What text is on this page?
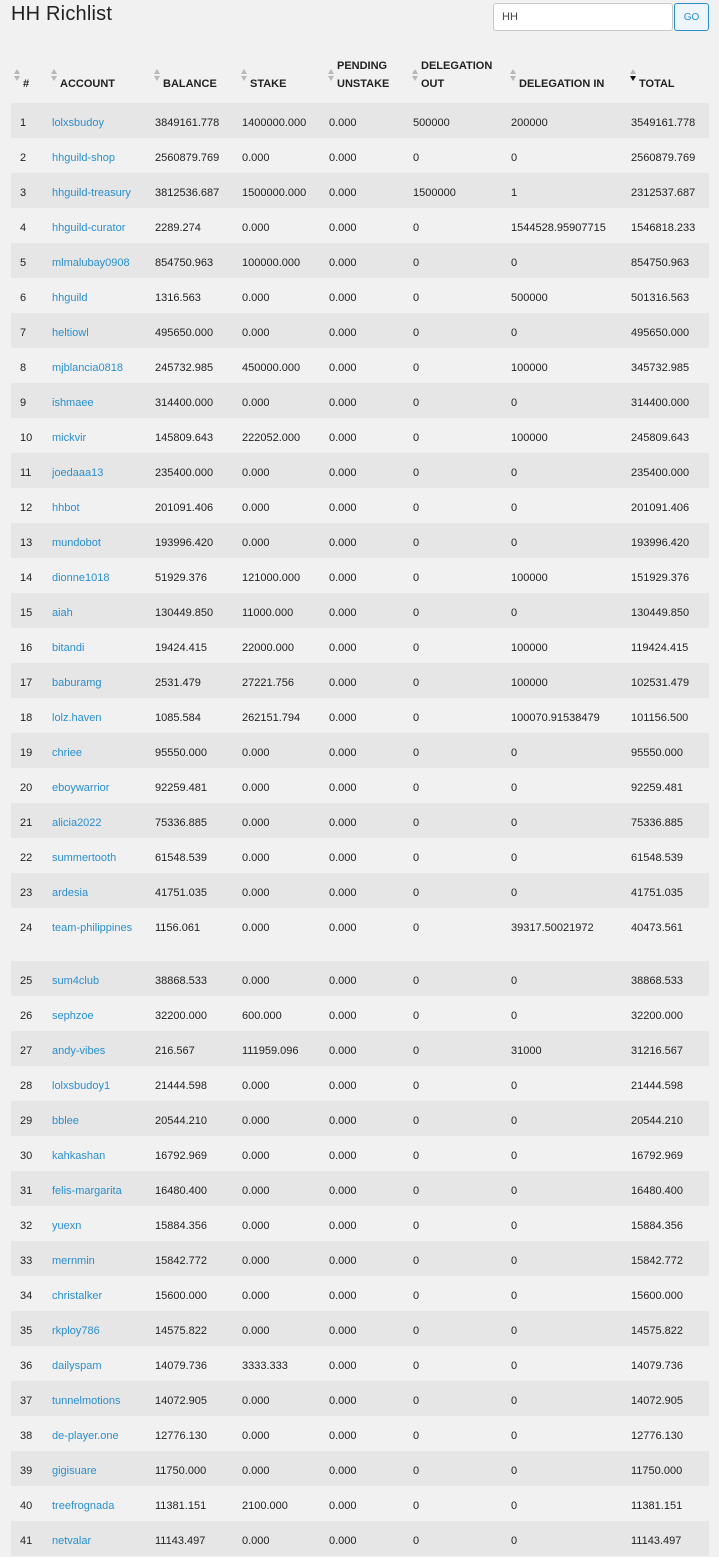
HH Richlist
HH	GO
#	ACCOUNT	BALANCE	STAKE	PENDING UNSTAKE	DELEGATION OUT	DELEGATION IN	TOTAL

1	lolxsbudoy	3849161.778	1400000.000	0.000	500000	200000	3549161.778
2	hhguild-shop	2560879.769	0.000	0.000	0	0	2560879.769
3	hhguild-treasury	3812536.687	1500000.000	0.000	1500000	1	2312537.687
4	hhguild-curator	2289.274	0.000	0.000	0	1544528.95907715	1546818.233
5	mlmalubay0908	854750.963	100000.000	0.000	0	0	854750.963
6	hhguild	1316.563	0.000	0.000	0	500000	501316.563
7	heltiowl	495650.000	0.000	0.000	0	0	495650.000
8	mjblancia0818	245732.985	450000.000	0.000	0	100000	345732.985
9	ishmaee	314400.000	0.000	0.000	0	0	314400.000
10	mickvir	145809.643	222052.000	0.000	0	100000	245809.643
11	joedaaa13	235400.000	0.000	0.000	0	0	235400.000
12	hhbot	201091.406	0.000	0.000	0	0	201091.406
13	mundobot	193996.420	0.000	0.000	0	0	193996.420
14	dionne1018	51929.376	121000.000	0.000	0	100000	151929.376
15	aiah	130449.850	11000.000	0.000	0	0	130449.850
16	bitandi	19424.415	22000.000	0.000	0	100000	119424.415
17	baburamg	2531.479	27221.756	0.000	0	100000	102531.479
18	lolz.haven	1085.584	262151.794	0.000	0	100070.91538479	101156.500
19	chriee	95550.000	0.000	0.000	0	0	95550.000
20	eboywarrior	92259.481	0.000	0.000	0	0	92259.481
21	alicia2022	75336.885	0.000	0.000	0	0	75336.885
22	summertooth	61548.539	0.000	0.000	0	0	61548.539
23	ardesia	41751.035	0.000	0.000	0	0	41751.035
24	team-philippines	1156.061	0.000	0.000	0	39317.50021972	40473.561
25	sum4club	38868.533	0.000	0.000	0	0	38868.533
26	sephzoe	32200.000	600.000	0.000	0	0	32200.000
27	andy-vibes	216.567	111959.096	0.000	0	31000	31216.567
28	lolxsbudoy1	21444.598	0.000	0.000	0	0	21444.598
29	bblee	20544.210	0.000	0.000	0	0	20544.210
30	kahkashan	16792.969	0.000	0.000	0	0	16792.969
31	felis-margarita	16480.400	0.000	0.000	0	0	16480.400
32	yuexn	15884.356	0.000	0.000	0	0	15884.356
33	mernmin	15842.772	0.000	0.000	0	0	15842.772
34	christalker	15600.000	0.000	0.000	0	0	15600.000
35	rkploy786	14575.822	0.000	0.000	0	0	14575.822
36	dailyspam	14079.736	3333.333	0.000	0	0	14079.736
37	tunnelmotions	14072.905	0.000	0.000	0	0	14072.905
38	de-player.one	12776.130	0.000	0.000	0	0	12776.130
39	gigisuare	11750.000	0.000	0.000	0	0	11750.000
40	treefrognada	11381.151	2100.000	0.000	0	0	11381.151
41	netvalar	11143.497	0.000	0.000	0	0	11143.497
